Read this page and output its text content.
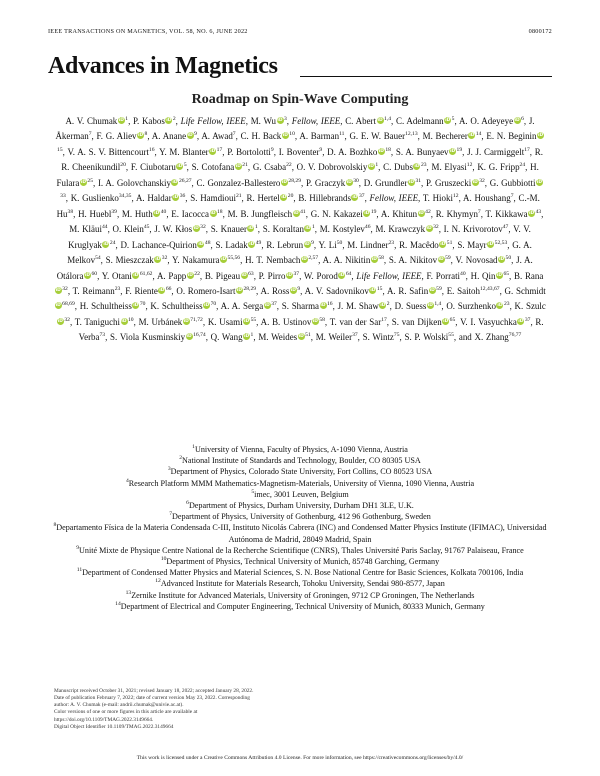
IEEE TRANSACTIONS ON MAGNETICS, VOL. 58, NO. 6, JUNE 2022	0800172
Advances in Magnetics
Roadmap on Spin-Wave Computing
A. V. ChumakiD$^1$, P. KabosiD$^2$, Life Fellow, IEEE, M. WuiD$^3$, Fellow, IEEE, C. AbertiD$^{1,4}$, C. AdelmanniD$^5$, A. O. AdeyeyeiD$^6$, J. Åkerman$^7$, F. G. AlieviD$^8$, A. AnaneiD$^9$, A. Awad$^7$, C. H. BackiD$^{10}$, A. Barman$^{11}$, G. E. W. Bauer$^{12,13}$, M. BechereriD$^{14}$, E. N. BegininiD$^{15}$, V. A. S. V. Bittencourt$^{16}$, Y. M. BlanteriD$^{17}$, P. Bortolotti$^9$, I. Boventer$^9$, D. A. BozhkoiD$^{18}$, S. A. BunyaeviD$^{19}$, J. J. Carmiggelt$^{17}$, R. R. Cheenikundil$^{20}$, F. CiubotaruiD$^5$, S. CotofanaiD$^{21}$, G. Csaba$^{22}$, O. V. DobrovolskiyiD$^1$, C. DubsiD$^{23}$, M. Elyasi$^{12}$, K. G. Fripp$^{24}$, H. FularaiD$^{25}$, I. A. GolovchanskiyiD$^{26,27}$, C. Gonzalez-BallesteroiD$^{28,29}$, P. GraczykiD$^{30}$, D. GrundleriD$^{31}$, P. GruszeckiiD$^{32}$, G. GubbiottiiD$^{33}$, K. Guslienko$^{34,35}$, A. HaldariD$^{36}$, S. Hamdioui$^{21}$, R. HerteliD$^{20}$, B. HillebrandsiD$^{37}$, Fellow, IEEE, T. Hioki$^{12}$, A. Houshang$^7$, C.-M. Hu$^{38}$, H. Huebl$^{39}$, M. HuthiD$^{40}$, E. IacoccaiD$^{18}$, M. B. JungfleischiD$^{41}$, G. N. KakazeiiD$^{19}$, A. KhituniD$^{42}$, R. Khymyn$^7$, T. KikkawaiD$^{43}$, M. Kläui$^{44}$, O. Klein$^{45}$, J. W. KłosiD$^{32}$, S. KnaueriD$^1$, S. KoraltaniD$^1$, M. Kostylev$^{46}$, M. KrawczykiD$^{32}$, I. N. Krivorotov$^{47}$, V. V. KruglyakiD$^{24}$, D. Lachance-QuirioniD$^{48}$, S. LadakiD$^{49}$, R. LebruniD$^9$, Y. Li$^{50}$, M. Lindner$^{23}$, R. MacêdoiD$^{51}$, S. MayriD$^{52,53}$, G. A. Melkov$^{54}$, S. MieszczakiD$^{32}$, Y. NakamuraiD$^{55,56}$, H. T. NembachiD$^{2,57}$, A. A. NikitiniD$^{58}$, S. A. NikitoviD$^{59}$, V. NovosadiD$^{50}$, J. A. OtáloraiD$^{60}$, Y. OtaniiD$^{61,62}$, A. PappiD$^{22}$, B. PigeauiD$^{63}$, P. PirroiD$^{37}$, W. PorodiD$^{64}$, Life Fellow, IEEE, F. Porrati$^{40}$, H. QiniD$^{65}$, B. RanaiD$^{32}$, T. Reimann$^{23}$, F. RienteiD$^{66}$, O. Romero-IsartiD$^{28,29}$, A. RossiD$^9$, A. V. SadovnikoviD$^{15}$, A. R. SafiniD$^{59}$, E. Saitoh$^{12,43,67}$, G. SchmidtiD$^{68,69}$, H. SchultheissiD$^{70}$, K. SchultheissiD$^{70}$, A. A. SergaiD$^{37}$, S. SharmaiD$^{16}$, J. M. ShawiD$^2$, D. SuessiD$^{1,4}$, O. SurzhenkoiD$^{23}$, K. SzulciD$^{32}$, T. TaniguchiiD$^{10}$, M. UrbánekiD$^{71,72}$, K. UsamiiD$^{55}$, A. B. UstinoviD$^{58}$, T. van der Sar$^{17}$, S. van DijkeniD$^{65}$, V. I. VasyuchkaiD$^{37}$, R. Verba$^{73}$, S. Viola KusminskiyiD$^{16,74}$, Q. WangiD$^1$, M. WeidesiD$^{51}$, M. Weiler$^{37}$, S. Wintz$^{75}$, S. P. Wolski$^{55}$, and X. Zhang$^{76,77}$

$^1$University of Vienna, Faculty of Physics, A-1090 Vienna, Austria

$^2$National Institute of Standards and Technology, Boulder, CO 80305 USA

$^3$Department of Physics, Colorado State University, Fort Collins, CO 80523 USA

$^4$Research Platform MMM Mathematics-Magnetism-Materials, University of Vienna, 1090 Vienna, Austria

$^5$imec, 3001 Leuven, Belgium

$^6$Department of Physics, Durham University, Durham DH1 3LE, U.K.

$^7$Department of Physics, University of Gothenburg, 412 96 Gothenburg, Sweden

$^8$Departamento Física de la Materia Condensada C-III, Instituto Nicolás Cabrera (INC) and Condensed Matter Physics Institute (IFIMAC), Universidad Autónoma de Madrid, 28049 Madrid, Spain

$^9$Unité Mixte de Physique Centre National de la Recherche Scientifique (CNRS), Thales Université Paris Saclay, 91767 Palaiseau, France

$^{10}$Department of Physics, Technical University of Munich, 85748 Garching, Germany

$^{11}$Department of Condensed Matter Physics and Material Sciences, S. N. Bose National Centre for Basic Sciences, Kolkata 700106, India

$^{12}$Advanced Institute for Materials Research, Tohoku University, Sendai 980-8577, Japan

$^{13}$Zernike Institute for Advanced Materials, University of Groningen, 9712 CP Groningen, The Netherlands

$^{14}$Department of Electrical and Computer Engineering, Technical University of Munich, 80333 Munich, Germany

Manuscript received October 31, 2021; revised January 18, 2022; accepted January 28, 2022. Date of publication February 7, 2022; date of current version May 23, 2022. Corresponding author: A. V. Chumak (e-mail: andrii.chumak@univie.ac.at).

Color versions of one or more figures in this article are available at https://doi.org/10.1109/TMAG.2022.3149664.

Digital Object Identifier 10.1109/TMAG.2022.3149664

This work is licensed under a Creative Commons Attribution 4.0 License. For more information, see https://creativecommons.org/licenses/by/4.0/
